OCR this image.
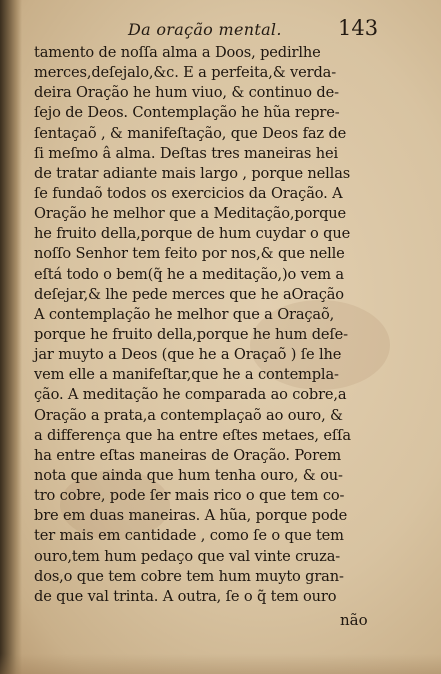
Da oração mental.	143
tamento de noſſa alma a Doos, pedirlhe
merces,deſejalo,&c. E a perfeita,& verda-
deira Oração he hum viuo, & continuo de-
ſejo de Deos. Contemplação he hũa repre-
ſentaçaõ , & manifeſtação, que Deos faz de
ſi meſmo â alma. Deſtas tres maneiras hei
de tratar adiante mais largo , porque nellas
ſe fundaõ todos os exercicios da Oração. A
Oração he melhor que a Meditação,porque
he fruito della,porque de hum cuydar o que
noſſo Senhor tem feito por nos,& que nelle
eſtá todo o bem(q̃ he a meditação,)o vem a
deſejar,& lhe pede merces que he aOração
A contemplação he melhor que a Oraçaõ,
porque he fruito della,porque he hum deſe-
jar muyto a Deos (que he a Oraçaõ ) ſe lhe
vem elle a manifeſtar,que he a contempla-
ção. A meditação he comparada ao cobre,a
Oração a prata,a contemplaçaõ ao ouro, &
a differença que ha entre eſtes metaes, eſſa
ha entre eſtas maneiras de Oração. Porem
nota que ainda que hum tenha ouro, & ou-
tro cobre, pode ſer mais rico o que tem co-
bre em duas maneiras. A hũa, porque pode
ter mais em cantidade , como ſe o que tem
ouro,tem hum pedaço que val vinte cruza-
dos,o que tem cobre tem hum muyto gran-
de que val trinta. A outra, ſe o q̃ tem ouro
não
